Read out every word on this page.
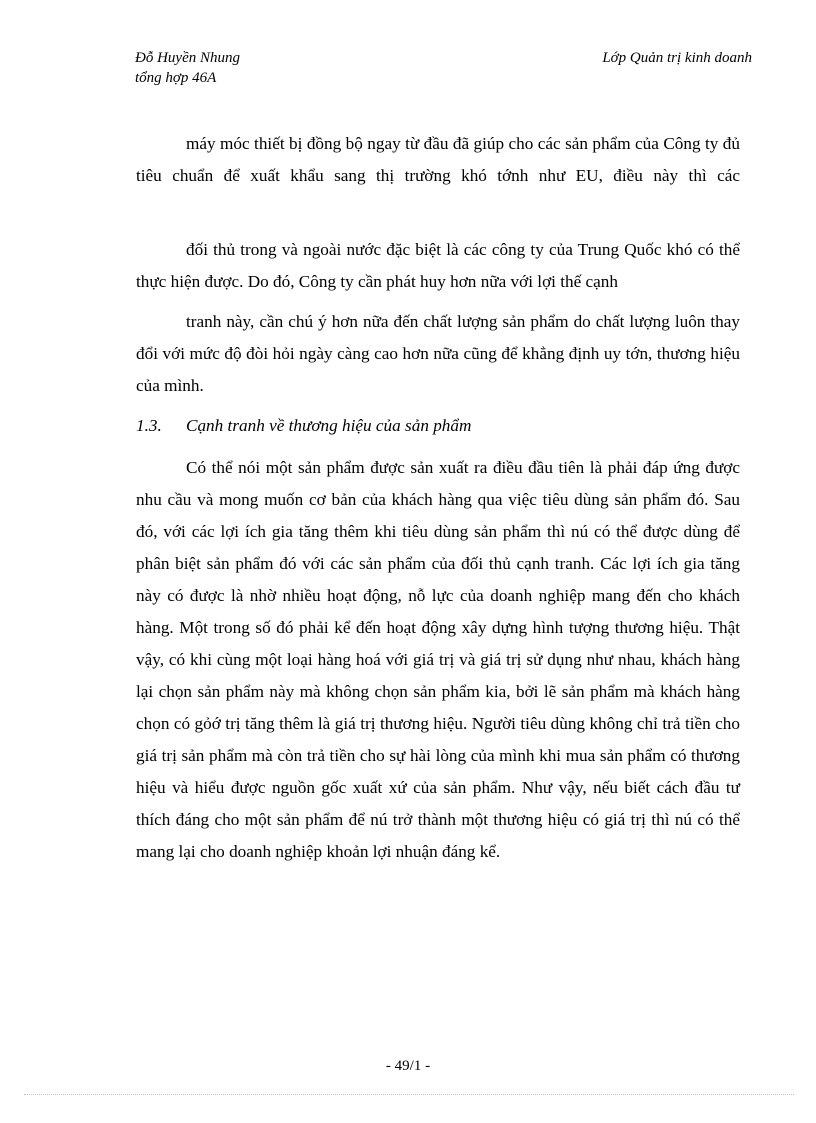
Đỗ Huyền Nhung
tổng hợp 46A
Lớp Quản trị kinh doanh

máy móc thiết bị đồng bộ ngay từ đầu đã giúp cho các sản phẩm của Công ty đủ tiêu chuẩn để xuất khẩu sang thị trường khó tớnh như EU, điều này thì các

đối thủ trong và ngoài nước đặc biệt là các công ty của Trung Quốc khó có thể thực hiện được. Do đó, Công ty cần phát huy hơn nữa với lợi thế cạnh

tranh này, cần chú ý hơn nữa đến chất lượng sản phẩm do chất lượng luôn thay đổi với mức độ đòi hỏi ngày càng cao hơn nữa cũng để khẳng định uy tớn, thương hiệu của mình.

1.3. Cạnh tranh về thương hiệu của sản phẩm

Có thể nói một sản phẩm được sản xuất ra điều đầu tiên là phải đáp ứng được nhu cầu và mong muốn cơ bản của khách hàng qua việc tiêu dùng sản phẩm đó. Sau đó, với các lợi ích gia tăng thêm khi tiêu dùng sản phẩm thì nú có thể được dùng để phân biệt sản phẩm đó với các sản phẩm của đối thủ cạnh tranh. Các lợi ích gia tăng này có được là nhờ nhiều hoạt động, nỗ lực của doanh nghiệp mang đến cho khách hàng. Một trong số đó phải kể đến hoạt động xây dựng hình tượng thương hiệu. Thật vậy, có khi cùng một loại hàng hoá với giá trị và giá trị sử dụng như nhau, khách hàng lại chọn sản phẩm này mà không chọn sản phẩm kia, bởi lẽ sản phẩm mà khách hàng chọn có gỏớ trị tăng thêm là giá trị thương hiệu. Người tiêu dùng không chỉ trả tiền cho giá trị sản phẩm mà còn trả tiền cho sự hài lòng của mình khi mua sản phẩm có thương hiệu và hiểu được nguồn gốc xuất xứ của sản phẩm. Như vậy, nếu biết cách đầu tư thích đáng cho một sản phẩm để nú trở thành một thương hiệu có giá trị thì nú có thể mang lại cho doanh nghiệp khoản lợi nhuận đáng kể.

- 49/1 -
